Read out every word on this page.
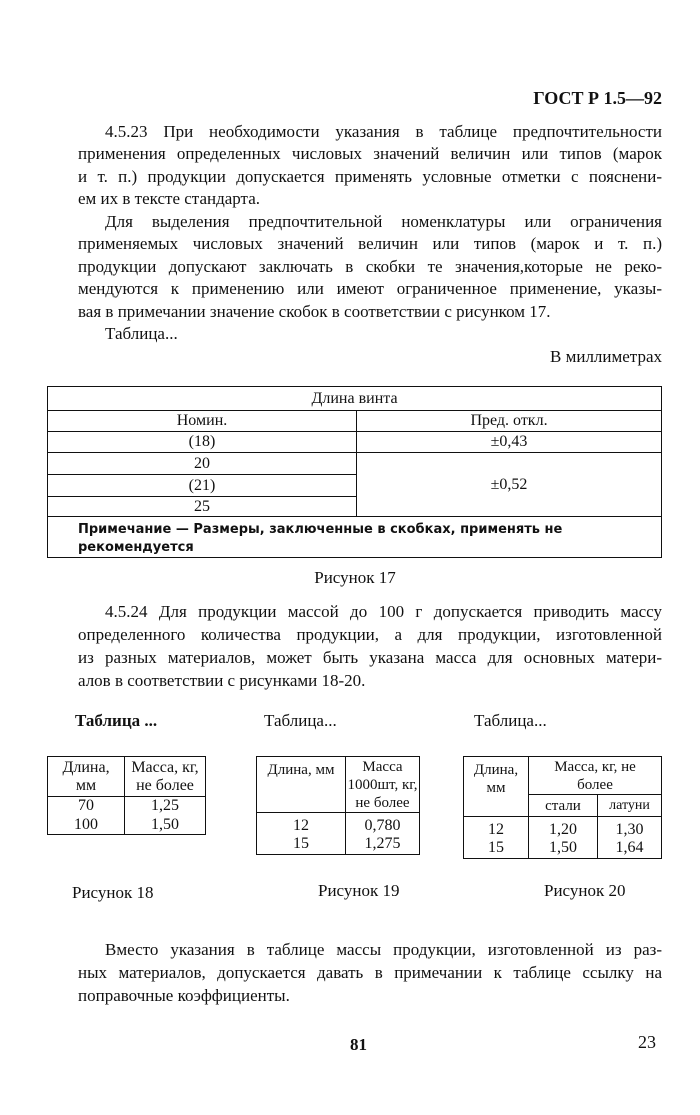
ГОСТ Р 1.5—92
4.5.23 При необходимости указания в таблице предпочтительности
применения определенных числовых значений величин или типов (марок
и т. п.) продукции допускается применять условные отметки с пояснени-
ем их в тексте стандарта.
Для выделения предпочтительной номенклатуры или ограничения
применяемых числовых значений величин или типов (марок и т. п.)
продукции допускают заключать в скобки те значения,которые не реко-
мендуются к применению или имеют ограниченное применение, указы-
вая в примечании значение скобок в соответствии с рисунком 17.
Таблица...
В миллиметрах
Длина винта	
Номин.	Пред. откл.
(18)	±0,43
20	±0,52
(21)	
25	
Примечание — Размеры, заключенные в скобках, применять не рекомендуется	
Рисунок 17
4.5.24 Для продукции массой до 100 г допускается приводить массу
определенного количества продукции, а для продукции, изготовленной
из разных материалов, может быть указана масса для основных матери-
алов в соответствии с рисунками 18-20.
Таблица ...	Таблица...	Таблица...
Длина, мм	Масса, кг, не более
70	1,25
100	1,50
Длина, мм	Масса
1000шт, кг,
не более

12	0,780
15	1,275
Длина, мм	Масса, кг, не более	
	стали	латуни
12	1,20	1,30
15	1,50	1,64
Рисунок 18	Рисунок 19	Рисунок 20
Вместо указания в таблице массы продукции, изготовленной из раз-
ных материалов, допускается давать в примечании к таблице ссылку на
поправочные коэффициенты.
81	23
